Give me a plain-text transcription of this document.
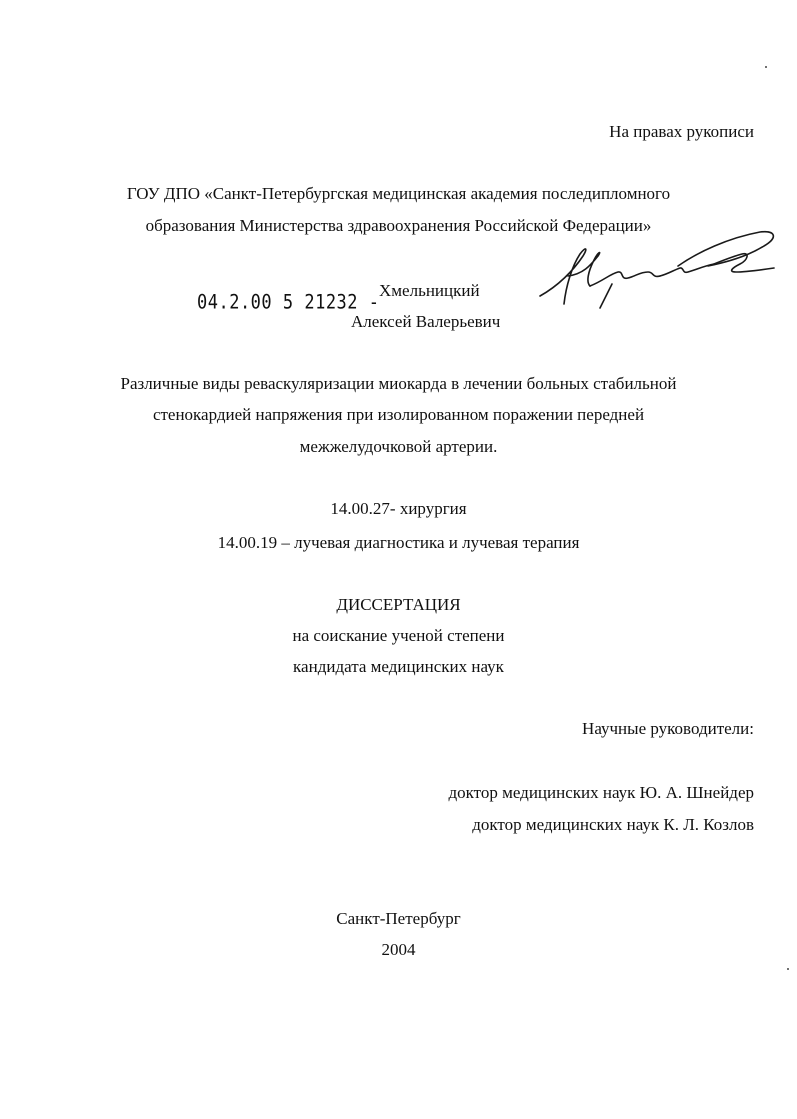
На правах рукописи
ГОУ ДПО «Санкт-Петербургская медицинская академия последипломного
образования Министерства здравоохранения Российской Федерации»
04.2.00 5 21232 -
Хмельницкий
Алексей Валерьевич
Различные виды реваскуляризации миокарда в лечении больных стабильной
стенокардией напряжения при изолированном поражении передней
межжелудочковой артерии.
14.00.27- хирургия
14.00.19 – лучевая диагностика и лучевая терапия
ДИССЕРТАЦИЯ
на соискание ученой степени
кандидата медицинских наук
Научные руководители:
доктор медицинских наук Ю. А. Шнейдер
доктор медицинских наук К. Л. Козлов
Санкт-Петербург
2004
